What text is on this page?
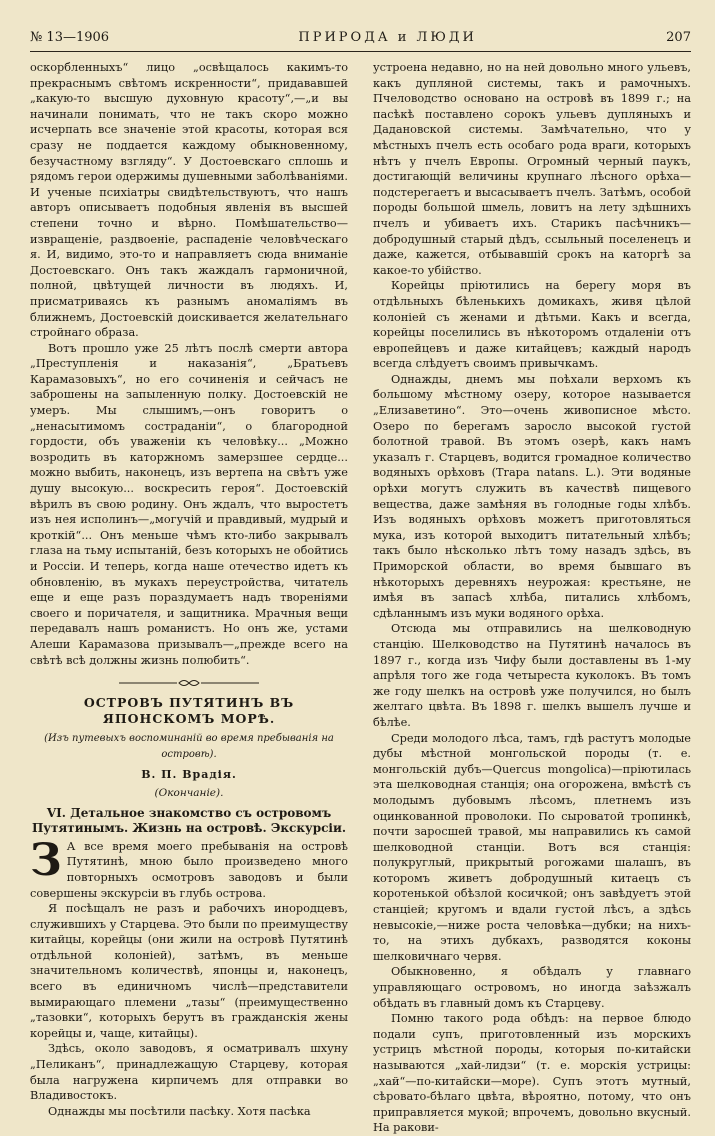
№ 13—1906	ПРИРОДА и ЛЮДИ	207

оскорбленныхъ“ лицо „освѣщалось какимъ-то прекраснымъ свѣтомъ искренности“, придававшей „какую-то высшую духовную красоту“,—„и вы начинали понимать, что не такъ скоро можно исчерпать все значеніе этой красоты, которая вся сразу не поддается каждому обыкновенному, безучастному взгляду“. У Достоевскаго сплошь и рядомъ герои одержимы душевными заболѣваніями. И ученые психіатры свидѣтельствуютъ, что нашъ авторъ описываетъ подобныя явленія въ высшей степени точно и вѣрно. Помѣшательство—извращеніе, раздвоеніе, распаденіе человѣческаго я. И, видимо, это-то и направляетъ сюда вниманіе Достоевскаго. Онъ такъ жаждалъ гармоничной, полной, цвѣтущей личности въ людяхъ. И, присматриваясь къ разнымъ аномаліямъ въ ближнемъ, Достоевскій доискивается желательнаго стройнаго образа.

Вотъ прошло уже 25 лѣтъ послѣ смерти автора „Преступленія и наказанія“, „Братьевъ Карамазовыхъ“, но его сочиненія и сейчасъ не заброшены на запыленную полку. Достоевскій не умеръ. Мы слышимъ,—онъ говоритъ о „ненасытимомъ состраданіи“, о благородной гордости, объ уваженіи къ человѣку... „Можно возродить въ каторжномъ замерзшее сердце... можно выбить, наконецъ, изъ вертепа на свѣтъ уже душу высокую... воскресить героя“. Достоевскій вѣрилъ въ свою родину. Онъ ждалъ, что выростетъ изъ нея исполинъ—„могучій и правдивый, мудрый и кроткій“... Онъ меньше чѣмъ кто-либо закрывалъ глаза на тьму испытаній, безъ которыхъ не обойтись и Россіи. И теперь, когда наше отечество идетъ къ обновленію, въ мукахъ переустройства, читатель еще и еще разъ пораздумаетъ надъ твореніями своего и поричателя, и защитника. Мрачныя вещи передавалъ нашъ романистъ. Но онъ же, устами Алеши Карамазова призывалъ—„прежде всего на свѣтѣ всѣ должны жизнь полюбить“.

ОСТРОВЪ ПУТЯТИНЪ ВЪ ЯПОНСКОМЪ МОРѢ.
(Изъ путевыхъ воспоминаній во время пребыванія на островѣ).
В. П. Врадія.
(Окончаніе).
VI. Детальное знакомство съ островомъ Путятинымъ. Жизнь на островѣ. Экскурсіи.

З А все время моего пребыванія на островѣ Путятинѣ, мною было произведено много повторныхъ осмотровъ заводовъ и были совершены экскурсіи въ глубь острова.

Я посѣщалъ не разъ и рабочихъ инородцевъ, служившихъ у Старцева. Это были по преимуществу китайцы, корейцы (они жили на островѣ Путятинѣ отдѣльной колоніей), затѣмъ, въ меньше значительномъ количествѣ, японцы и, наконецъ, всего въ единичномъ числѣ—представители вымирающаго племени „тазы“ (преимущественно „тазовки“, которыхъ берутъ въ гражданскія жены корейцы и, чаще, китайцы).

Здѣсь, около заводовъ, я осматривалъ шхуну „Пеликанъ“, принадлежащую Старцеву, которая была нагружена кирпичемъ для отправки во Владивостокъ.

Однажды мы посѣтили пасѣку. Хотя пасѣка

устроена недавно, но на ней довольно много ульевъ, какъ дупляной системы, такъ и рамочныхъ. Пчеловодство основано на островѣ въ 1899 г.; на пасѣкѣ поставлено сорокъ ульевъ дупляныхъ и Дадановской системы. Замѣчательно, что у мѣстныхъ пчелъ есть особаго рода враги, которыхъ нѣтъ у пчелъ Европы. Огромный черный паукъ, достигающій величины крупнаго лѣсного орѣха—подстерегаетъ и высасываетъ пчелъ. Затѣмъ, особой породы большой шмель, ловитъ на лету здѣшнихъ пчелъ и убиваетъ ихъ. Старикъ пасѣчникъ—добродушный старый дѣдъ, ссыльный поселенецъ и даже, кажется, отбывавшій срокъ на каторгѣ за какое-то убійство.

Корейцы пріютились на берегу моря въ отдѣльныхъ бѣленькихъ домикахъ, живя цѣлой колоніей съ женами и дѣтьми. Какъ и всегда, корейцы поселились въ нѣкоторомъ отдаленіи отъ европейцевъ и даже китайцевъ; каждый народъ всегда слѣдуетъ своимъ привычкамъ.

Однажды, днемъ мы поѣхали верхомъ къ большому мѣстному озеру, которое называется „Елизаветино“. Это—очень живописное мѣсто. Озеро по берегамъ заросло высокой густой болотной травой. Въ этомъ озерѣ, какъ намъ указалъ г. Старцевъ, водится громадное количество водяныхъ орѣховъ (Trapa natans. L.). Эти водяные орѣхи могутъ служить въ качествѣ пищевого вещества, даже замѣняя въ голодные годы хлѣбъ. Изъ водяныхъ орѣховъ можетъ приготовляться мука, изъ которой выходитъ питательный хлѣбъ; такъ было нѣсколько лѣтъ тому назадъ здѣсь, въ Приморской области, во время бывшаго въ нѣкоторыхъ деревняхъ неурожая: крестьяне, не имѣя въ запасѣ хлѣба, питались хлѣбомъ, сдѣланнымъ изъ муки водяного орѣха.

Отсюда мы отправились на шелководную станцію. Шелководство на Путятинѣ началось въ 1897 г., когда изъ Чифу были доставлены въ 1-му апрѣля того же года четыреста куколокъ. Въ томъ же году шелкъ на островѣ уже получился, но былъ желтаго цвѣта. Въ 1898 г. шелкъ вышелъ лучше и бѣлѣе.

Среди молодого лѣса, тамъ, гдѣ растутъ молодые дубы мѣстной монгольской породы (т. е. монгольскій дубъ—Quercus mongolica)—пріютилась эта шелководная станція; она огорожена, вмѣстѣ съ молодымъ дубовымъ лѣсомъ, плетнемъ изъ оцинкованной проволоки. По сыроватой тропинкѣ, почти заросшей травой, мы направились къ самой шелководной станціи. Вотъ вся станція: полукруглый, прикрытый рогожами шалашъ, въ которомъ живетъ добродушный китаецъ съ коротенькой обѣзлой косичкой; онъ завѣдуетъ этой станціей; кругомъ и вдали густой лѣсъ, а здѣсь невысокіе,—ниже роста человѣка—дубки; на нихъ-то, на этихъ дубкахъ, разводятся коконы шелковичнаго червя.

Обыкновенно, я обѣдалъ у главнаго управляющаго островомъ, но иногда заѣзжалъ обѣдать въ главный домъ къ Старцеву.

Помню такого рода обѣдъ: на первое блюдо подали супъ, приготовленный изъ морскихъ устрицъ мѣстной породы, которыя по-китайски называются „хай-лидзи“ (т. е. морскія устрицы: „хай“—по-китайски—море). Супъ этотъ мутный, сѣровато-бѣлаго цвѣта, вѣроятно, потому, что онъ приправляется мукой; впрочемъ, довольно вкусный. На ракови-
